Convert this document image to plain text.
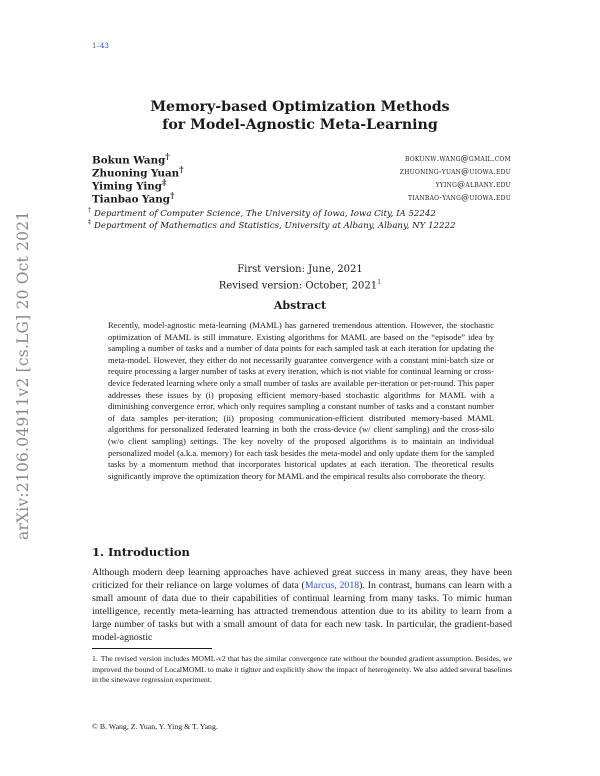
1–43
arXiv:2106.04911v2 [cs.LG] 20 Oct 2021
Memory-based Optimization Methods
for Model-Agnostic Meta-Learning
Bokun Wang†	bokunw.wang@gmail.com
Zhuoning Yuan†	zhuoning-yuan@uiowa.edu
Yiming Ying‡	yying@albany.edu
Tianbao Yang†	tianbao-yang@uiowa.edu
† Department of Computer Science, The University of Iowa, Iowa City, IA 52242
‡ Department of Mathematics and Statistics, University at Albany, Albany, NY 12222
First version: June, 2021
Revised version: October, 2021$^1$
Abstract
Recently, model-agnostic meta-learning (MAML) has garnered tremendous attention. However, the stochastic optimization of MAML is still immature. Existing algorithms for MAML are based on the “episode” idea by sampling a number of tasks and a number of data points for each sampled task at each iteration for updating the meta-model. However, they either do not necessarily guarantee convergence with a constant mini-batch size or require processing a larger number of tasks at every iteration, which is not viable for continual learning or cross-device federated learning where only a small number of tasks are available per-iteration or per-round. This paper addresses these issues by (i) proposing efficient memory-based stochastic algorithms for MAML with a diminishing convergence error, which only requires sampling a constant number of tasks and a constant number of data samples per-iteration; (ii) proposing communication-efficient distributed memory-based MAML algorithms for personalized federated learning in both the cross-device (w/ client sampling) and the cross-silo (w/o client sampling) settings. The key novelty of the proposed algorithms is to maintain an individual personalized model (a.k.a. memory) for each task besides the meta-model and only update them for the sampled tasks by a momentum method that incorporates historical updates at each iteration. The theoretical results significantly improve the optimization theory for MAML and the empirical results also corroborate the theory.
1. Introduction
Although modern deep learning approaches have achieved great success in many areas, they have been criticized for their reliance on large volumes of data (Marcus, 2018). In contrast, humans can learn with a small amount of data due to their capabilities of continual learning from many tasks. To mimic human intelligence, recently meta-learning has attracted tremendous attention due to its ability to learn from a large number of tasks but with a small amount of data for each new task. In particular, the gradient-based model-agnostic
1. The revised version includes MOML-v2 that has the similar convergence rate without the bounded gradient assumption. Besides, we improved the bound of LocalMOML to make it tighter and explicitly show the impact of heterogeneity. We also added several baselines in the sinewave regression experiment.
© B. Wang, Z. Yuan, Y. Ying & T. Yang.
